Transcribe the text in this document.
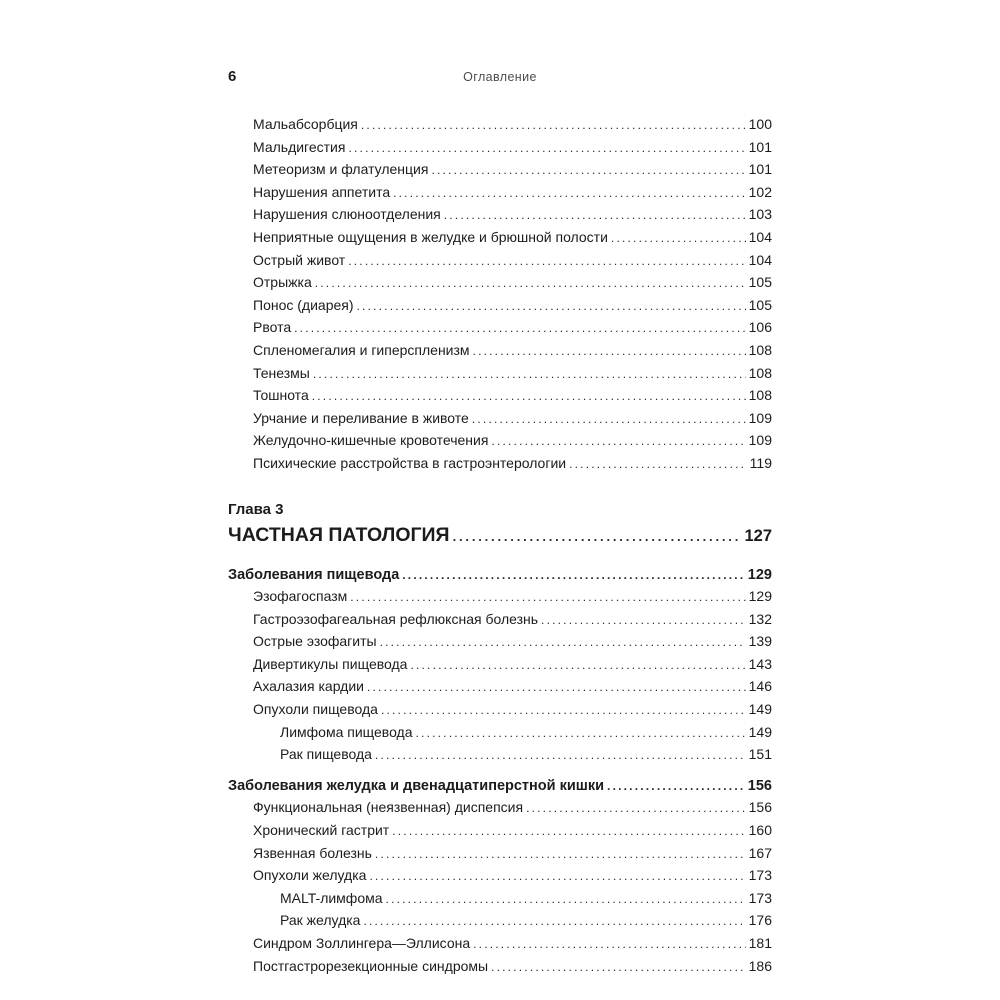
6	Оглавление
Мальабсорбция .....	100
Мальдигестия .....	101
Метеоризм и флатуленция .....	101
Нарушения аппетита .....	102
Нарушения слюноотделения .....	103
Неприятные ощущения в желудке и брюшной полости .....	104
Острый живот .....	104
Отрыжка .....	105
Понос (диарея) .....	105
Рвота .....	106
Спленомегалия и гиперспленизм .....	108
Тенезмы .....	108
Тошнота .....	108
Урчание и переливание в животе .....	109
Желудочно-кишечные кровотечения .....	109
Психические расстройства в гастроэнтерологии .....	119
Глава 3
ЧАСТНАЯ ПАТОЛОГИЯ .....	127
Заболевания пищевода .....	129
Эзофагоспазм .....	129
Гастроэзофагеальная рефлюксная болезнь .....	132
Острые эзофагиты .....	139
Дивертикулы пищевода .....	143
Ахалазия кардии .....	146
Опухоли пищевода .....	149
Лимфома пищевода .....	149
Рак пищевода .....	151
Заболевания желудка и двенадцатиперстной кишки .....	156
Функциональная (неязвенная) диспепсия .....	156
Хронический гастрит .....	160
Язвенная болезнь .....	167
Опухоли желудка .....	173
MALT-лимфома .....	173
Рак желудка .....	176
Синдром Золлингера—Эллисона .....	181
Постгастрорезекционные синдромы .....	186
